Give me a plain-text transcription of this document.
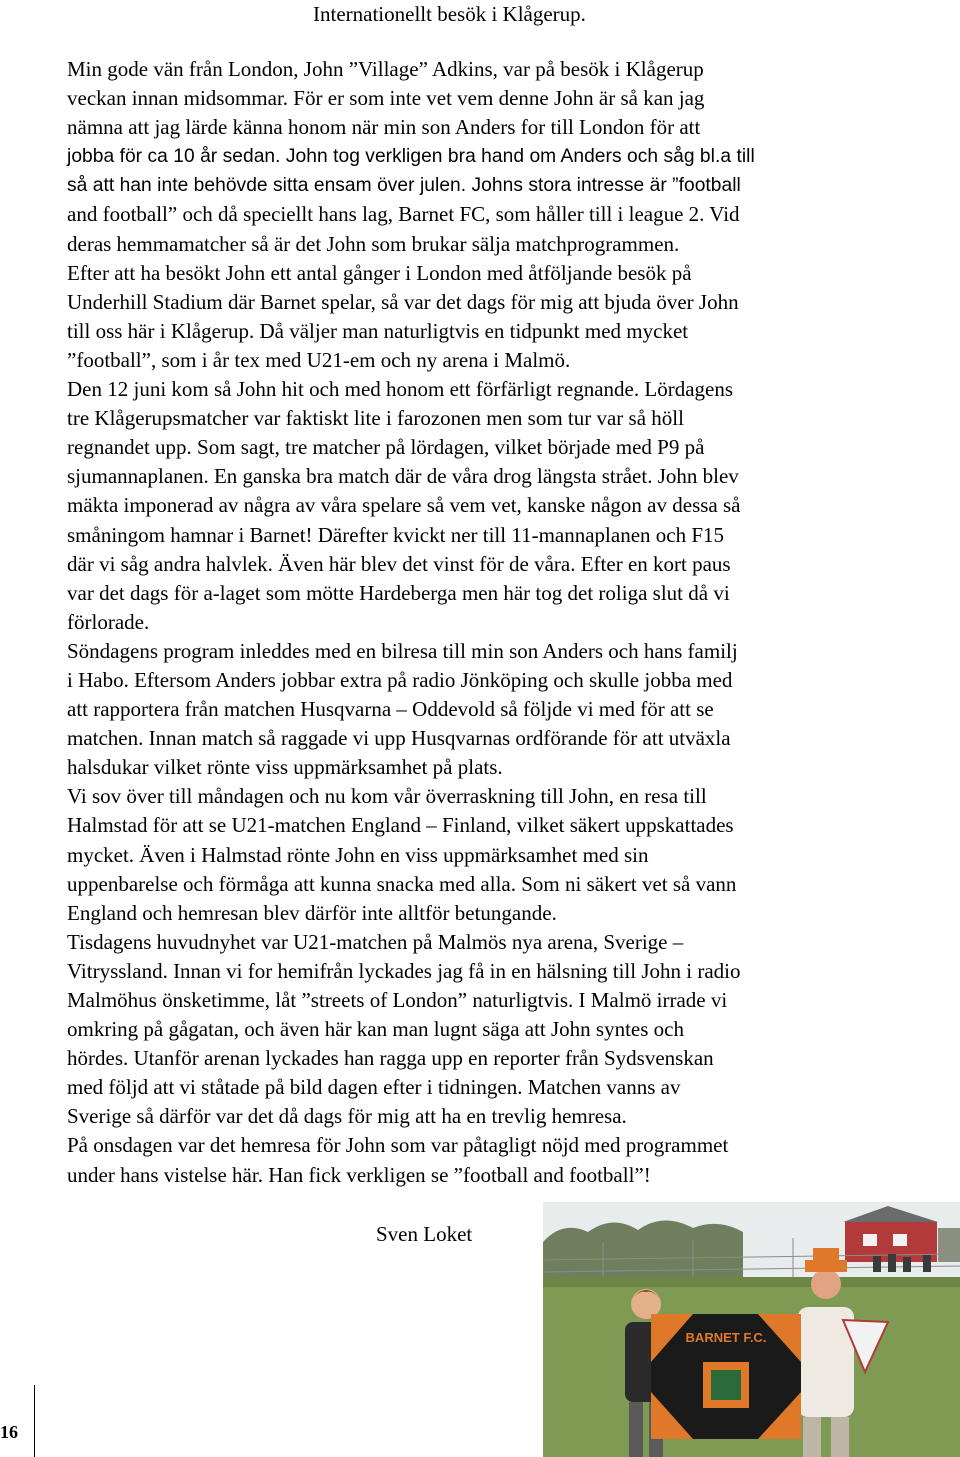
Internationellt besök i Klågerup.
Min gode vän från London, John ”Village” Adkins, var på besök i Klågerup
veckan innan midsommar. För er som inte vet vem denne John är så kan jag
nämna att jag lärde känna honom när min son Anders for till London för att
jobba för ca 10 år sedan. John tog verkligen bra hand om Anders och såg bl.a till
så att han inte behövde sitta ensam över julen. Johns stora intresse är ”football
and football” och då speciellt hans lag, Barnet FC, som håller till i league 2. Vid
deras hemmamatcher så är det John som brukar sälja matchprogrammen.
Efter att ha besökt John ett antal gånger i London med åtföljande besök på
Underhill Stadium där Barnet spelar, så var det dags för mig att bjuda över John
till oss här i Klågerup. Då väljer man naturligtvis en tidpunkt med mycket
”football”, som i år tex med U21-em och ny arena i Malmö.
Den 12 juni kom så John hit och med honom ett förfärligt regnande. Lördagens
tre Klågerupsmatcher var faktiskt lite i farozonen men som tur var så höll
regnandet upp. Som sagt, tre matcher på lördagen, vilket började med P9 på
sjumannaplanen. En ganska bra match där de våra drog längsta strået. John blev
mäkta imponerad av några av våra spelare så vem vet, kanske någon av dessa så
småningom hamnar i Barnet! Därefter kvickt ner till 11-mannaplanen och F15
där vi såg andra halvlek. Även här blev det vinst för de våra. Efter en kort paus
var det dags för a-laget som mötte Hardeberga men här tog det roliga slut då vi
förlorade.
Söndagens program inleddes med en bilresa till min son Anders och hans familj
i Habo. Eftersom Anders jobbar extra på radio Jönköping och skulle jobba med
att rapportera från matchen Husqvarna – Oddevold så följde vi med för att se
matchen. Innan match så raggade vi upp Husqvarnas ordförande för att utväxla
halsdukar vilket rönte viss uppmärksamhet på plats.
Vi sov över till måndagen och nu kom vår överraskning till John, en resa till
Halmstad för att se U21-matchen England – Finland, vilket säkert uppskattades
mycket. Även i Halmstad rönte John en viss uppmärksamhet med sin
uppenbarelse och förmåga att kunna snacka med alla. Som ni säkert vet så vann
England och hemresan blev därför inte alltför betungande.
Tisdagens huvudnyhet var U21-matchen på Malmös nya arena, Sverige –
Vitryssland. Innan vi for hemifrån lyckades jag få in en hälsning till John i radio
Malmöhus önsketimme, låt ”streets of London” naturligtvis. I Malmö irrade vi
omkring på gågatan, och även här kan man lugnt säga att John syntes och
hördes. Utanför arenan lyckades han ragga upp en reporter från Sydsvenskan
med följd att vi ståtade på bild dagen efter i tidningen. Matchen vanns av
Sverige så därför var det då dags för mig att ha en trevlig hemresa.
På onsdagen var det hemresa för John som var påtagligt nöjd med programmet
under hans vistelse här. Han fick verkligen se ”football and football”!
Sven Loket
16
BARNET F.C.
